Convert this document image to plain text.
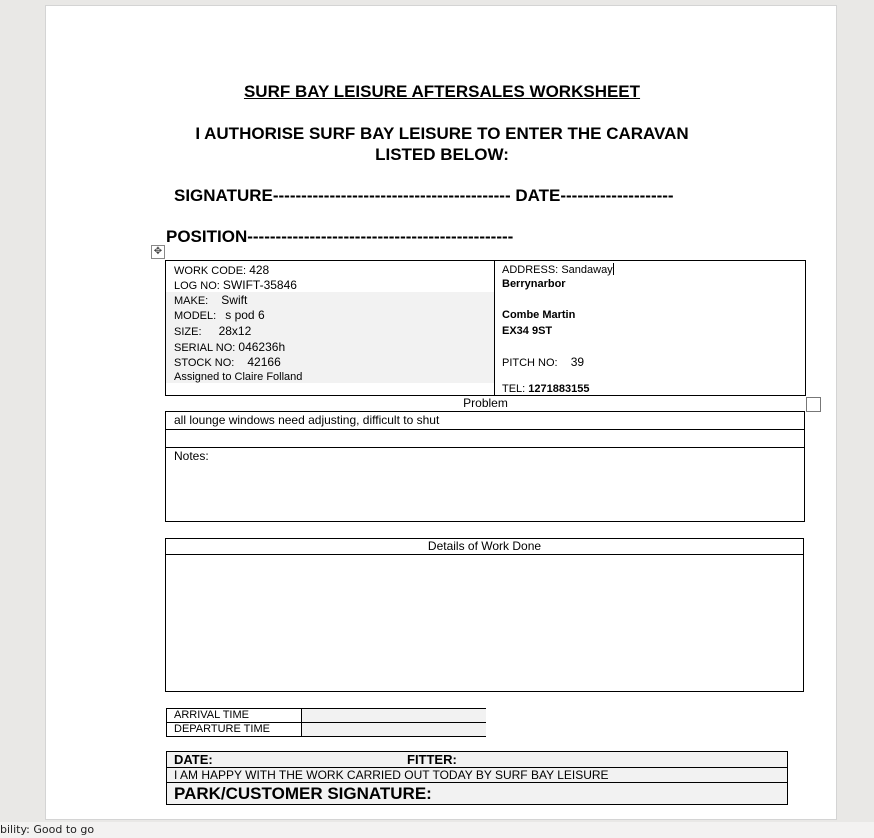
SURF BAY LEISURE AFTERSALES WORKSHEET
I AUTHORISE SURF BAY LEISURE TO ENTER THE CARAVAN
LISTED BELOW:
SIGNATURE------------------------------------------ DATE--------------------
POSITION-----------------------------------------------
✥
WORK CODE: 428
LOG NO: SWIFT-35846
MAKE: Swift
MODEL: s pod 6
SIZE: 28x12
SERIAL NO: 046236h
STOCK NO: 42166
Assigned to Claire Folland
ADDRESS: Sandaway
Berrynarbor
Combe Martin
EX34 9ST
PITCH NO: 39
TEL: 1271883155
Problem
all lounge windows need adjusting, difficult to shut
Notes:
Details of Work Done
ARRIVAL TIME
DEPARTURE TIME
DATE:	FITTER:
I AM HAPPY WITH THE WORK CARRIED OUT TODAY BY SURF BAY LEISURE
PARK/CUSTOMER SIGNATURE:
bility: Good to go
